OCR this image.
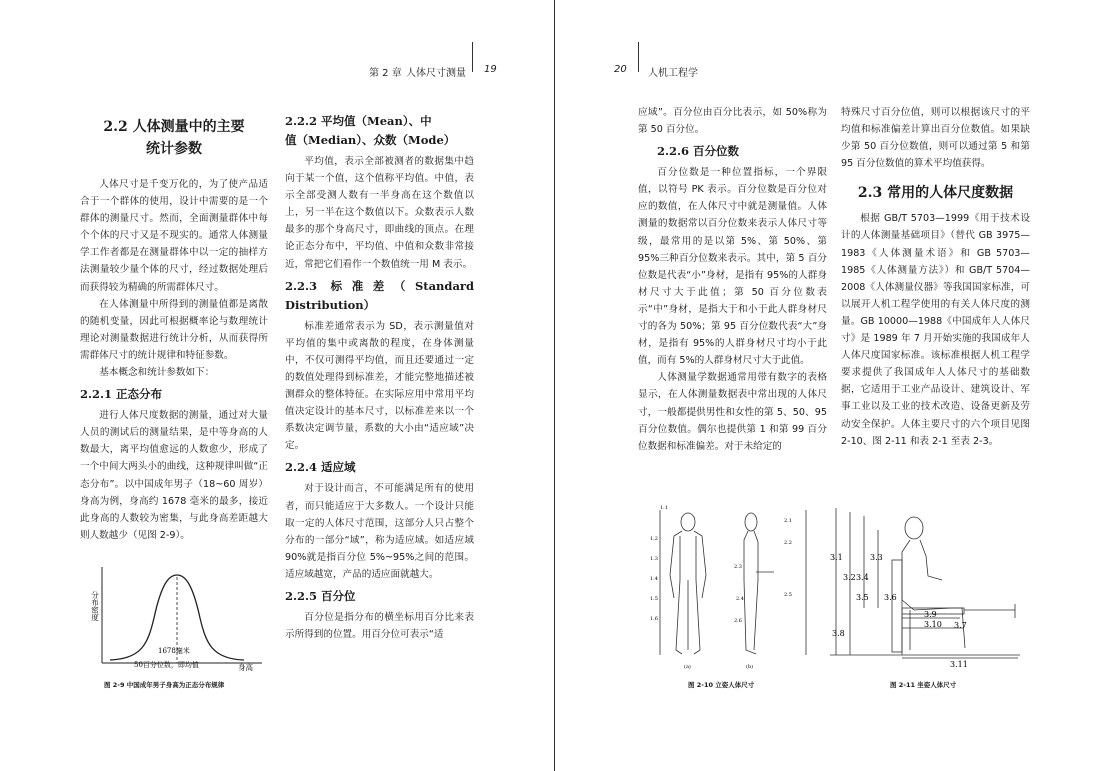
第 2 章 人体尺寸测量 19
2.2 人体测量中的主要
统计参数

人体尺寸是千变万化的，为了使产品适合于一个群体的使用，设计中需要的是一个群体的测量尺寸。然而，全面测量群体中每个个体的尺寸又是不现实的。通常人体测量学工作者都是在测量群体中以一定的抽样方法测量较少量个体的尺寸，经过数据处理后而获得较为精确的所需群体尺寸。

在人体测量中所得到的测量值都是离散的随机变量，因此可根据概率论与数理统计理论对测量数据进行统计分析，从而获得所需群体尺寸的统计规律和特征参数。

基本概念和统计参数如下：

2.2.1 正态分布

进行人体尺度数据的测量，通过对大量人员的测试后的测量结果，是中等身高的人数最大，离平均值愈远的人数愈少，形成了一个中间大两头小的曲线，这种规律叫做“正态分布”。以中国成年男子（18~60 周岁）身高为例，身高约 1678 毫米的最多，接近此身高的人数较为密集，与此身高差距越大则人数越少（见图 2-9）。

分布密度
1678毫米
50百分位数，即均值	身高
图 2-9 中国成年男子身高为正态分布规律
2.2.2 平均值（Mean）、中
值（Median）、众数（Mode）

平均值，表示全部被测者的数据集中趋向于某一个值，这个值称平均值。中值，表示全部受测人数有一半身高在这个数值以上，另一半在这个数值以下。众数表示人数最多的那个身高尺寸，即曲线的顶点。在理论正态分布中，平均值、中值和众数非常接近，常把它们看作一个数值统一用 M 表示。

2.2.3 标准差（Standard Distribution）

标准差通常表示为 SD，表示测量值对平均值的集中或离散的程度，在身体测量中，不仅可测得平均值，而且还要通过一定的数值处理得到标准差，才能完整地描述被测群众的整体特征。在实际应用中常用平均值决定设计的基本尺寸，以标准差来以一个系数决定调节量，系数的大小由“适应域”决定。

2.2.4 适应域

对于设计而言，不可能满足所有的使用者，而只能适应于大多数人。一个设计只能取一定的人体尺寸范围，这部分人只占整个分布的一部分“域”，称为适应域。如适应域 90%就是指百分位 5%~95%之间的范围。适应域越宽，产品的适应面就越大。

2.2.5 百分位

百分位是指分布的横坐标用百分比来表示所得到的位置。用百分位可表示“适

20 人机工程学

应域”。百分位由百分比表示，如 50%称为第 50 百分位。

2.2.6 百分位数

百分位数是一种位置指标，一个界限值，以符号 PK 表示。百分位数是百分位对应的数值，在人体尺寸中就是测量值。人体测量的数据常以百分位数来表示人体尺寸等级，最常用的是以第 5%、第 50%、第 95%三种百分位数来表示。其中，第 5 百分位数是代表“小”身材，是指有 95%的人群身材尺寸大于此值；第 50 百分位数表示“中”身材，是指大于和小于此人群身材尺寸的各为 50%；第 95 百分位数代表“大”身材，是指有 95%的人群身材尺寸均小于此值，而有 5%的人群身材尺寸大于此值。

人体测量学数据通常用带有数字的表格显示，在人体测量数据表中常出现的人体尺寸，一般都提供男性和女性的第 5、50、95 百分位数值。偶尔也提供第 1 和第 99 百分位数据和标准偏差。对于未给定的

特殊尺寸百分位值，则可以根据该尺寸的平均值和标准偏差计算出百分位数值。如果缺少第 50 百分位数值，则可以通过第 5 和第 95 百分位数值的算术平均值获得。

2.3 常用的人体尺度数据

根据 GB/T 5703—1999《用于技术设计的人体测量基础项目》（替代 GB 3975—1983《人体测量术语》和 GB 5703—1985《人体测量方法》）和 GB/T 5704—2008《人体测量仪器》等我国国家标准，可以展开人机工程学使用的有关人体尺度的测量。GB 10000—1988《中国成年人人体尺寸》是 1989 年 7 月开始实施的我国成年人人体尺度国家标准。该标准根据人机工程学要求提供了我国成年人人体尺寸的基础数据，它适用于工业产品设计、建筑设计、军事工业以及工业的技术改造、设备更新及劳动安全保护。人体主要尺寸的六个项目见图 2-10、图 2-11 和表 2-1 至表 2-3。

1.1
2.1
2.2
2.3
2.4
2.5
2.6
1.2
1.3
1.4
1.5
1.6
(a)	(b)
图 2-10 立姿人体尺寸
3.1
3.2
3.3
3.4
3.5 3.6
3.7
3.8
3.9
3.10
3.11
图 2-11 坐姿人体尺寸
